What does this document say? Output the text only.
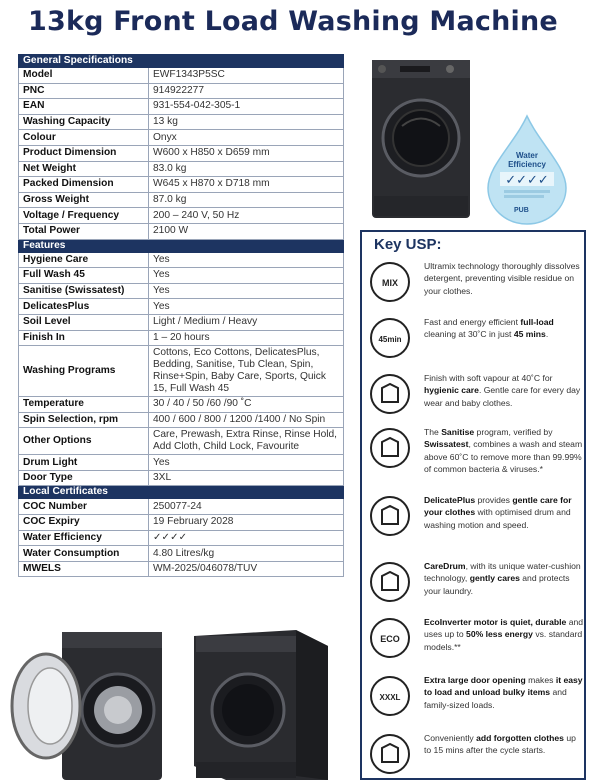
13kg Front Load Washing Machine
General Specifications	
Model	EWF1343P5SC
PNC	914922277
EAN	931-554-042-305-1
Washing Capacity	13 kg
Colour	Onyx
Product Dimension	W600 x H850 x D659 mm
Net Weight	83.0 kg
Packed Dimension	W645 x H870 x D718 mm
Gross Weight	87.0 kg
Voltage / Frequency	200 – 240 V, 50 Hz
Total Power	2100 W
Features	
Hygiene Care	Yes
Full Wash 45	Yes
Sanitise (Swissatest)	Yes
DelicatesPlus	Yes
Soil Level	Light / Medium / Heavy
Finish In	1 – 20 hours
Washing Programs	Cottons, Eco Cottons, DelicatesPlus, Bedding, Sanitise, Tub Clean, Spin, Rinse+Spin, Baby Care, Sports, Quick 15, Full Wash 45
Temperature	30 / 40 / 50 /60 /90 ˚C
Spin Selection, rpm	400 / 600 / 800 / 1200 /1400 / No Spin
Other Options	Care, Prewash, Extra Rinse, Rinse Hold, Add Cloth, Child Lock, Favourite
Drum Light	Yes
Door Type	3XL
Local Certificates	
COC Number	250077-24
COC Expiry	19 February 2028
Water Efficiency	✓✓✓✓
Water Consumption	4.80 Litres/kg
MWELS	WM-2025/046078/TUV
Water
Efficiency
✓✓✓✓
PUB
Key USP:
MIX
Ultramix technology thoroughly dissolves detergent, preventing visible residue on your clothes.
45min
Fast and energy efficient full-load cleaning at 30˚C in just 45 mins.
Finish with soft vapour at 40˚C for hygienic care. Gentle care for every day wear and baby clothes.
The Sanitise program, verified by Swissatest, combines a wash and steam above 60˚C to remove more than 99.99% of common bacteria & viruses.*
DelicatePlus provides gentle care for your clothes with optimised drum and washing motion and speed.
CareDrum, with its unique water-cushion technology, gently cares and protects your laundry.
ECO
EcoInverter motor is quiet, durable and uses up to 50% less energy vs. standard models.**
XXXL
Extra large door opening makes it easy to load and unload bulky items and family-sized loads.
Conveniently add forgotten clothes up to 15 mins after the cycle starts.
